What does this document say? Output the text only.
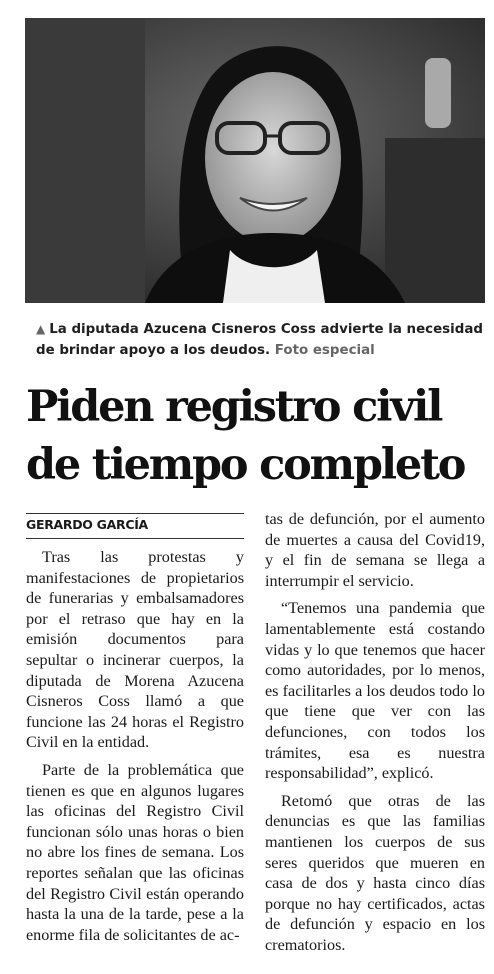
▲ La diputada Azucena Cisneros Coss advierte la necesidad de brindar apoyo a los deudos. Foto especial
Piden registro civil de tiempo completo
GERARDO GARCÍA

Tras las protestas y manifestaciones de propietarios de funerarias y embalsamadores por el retraso que hay en la emisión documentos para sepultar o incinerar cuerpos, la diputada de Morena Azucena Cisneros Coss llamó a que funcione las 24 horas el Registro Civil en la entidad.

Parte de la problemática que tienen es que en algunos lugares las oficinas del Registro Civil funcionan sólo unas horas o bien no abre los fines de semana. Los reportes señalan que las oficinas del Registro Civil están operando hasta la una de la tarde, pese a la enorme fila de solicitantes de ac-

tas de defunción, por el aumento de muertes a causa del Covid19, y el fin de semana se llega a interrumpir el servicio.

“Tenemos una pandemia que lamentablemente está costando vidas y lo que tenemos que hacer como autoridades, por lo menos, es facilitarles a los deudos todo lo que tiene que ver con las defunciones, con todos los trámites, esa es nuestra responsabilidad”, explicó.

Retomó que otras de las denuncias es que las familias mantienen los cuerpos de sus seres queridos que mueren en casa de dos y hasta cinco días porque no hay certificados, actas de defunción y espacio en los crematorios.
